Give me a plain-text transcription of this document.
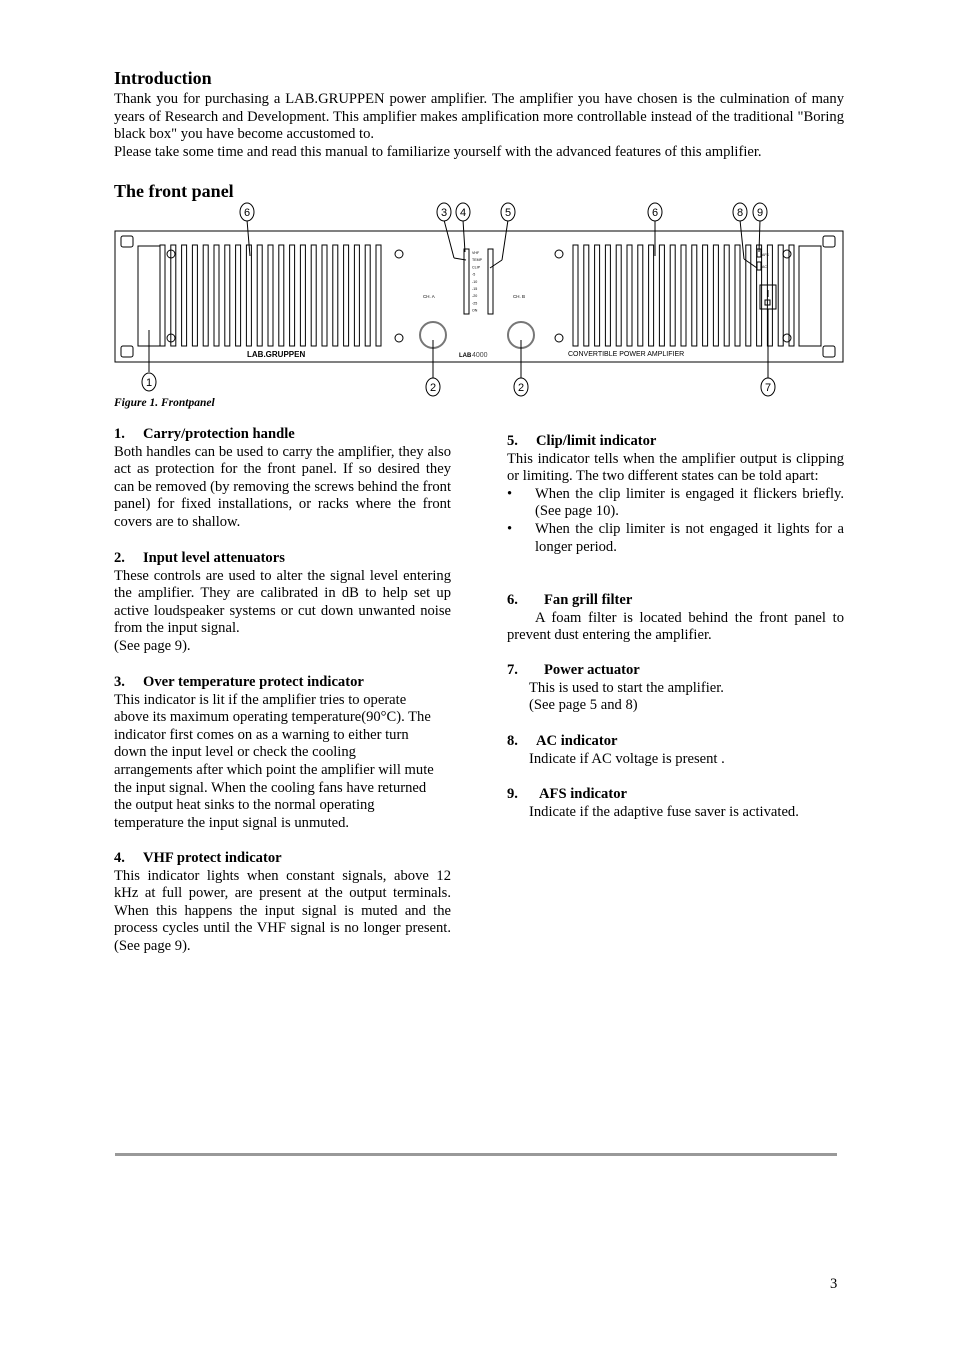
Introduction

Thank you for purchasing a LAB.GRUPPEN power amplifier. The amplifier you have chosen is the culmination of many years of Research and Development. This amplifier makes amplification more controllable instead of the traditional "Boring black box" you have become accustomed to.

Please take some time and read this manual to familiarize yourself with the advanced features of this amplifier.

The front panel
1	2	2
3 4	5
6	6
7
8 9
LAB.GRUPPEN	LAB 4000	CONVERTIBLE POWER AMPLIFIER
CH. A	CH. B
AFS
AC
VHF
TEMP
CLIP
-5
-10
-15
-20
-25
ON
Figure 1. Frontpanel
1. Carry/protection handle

Both handles can be used to carry the amplifier, they also act as protection for the front panel. If so desired they can be removed (by removing the screws behind the front panel) for fixed installations, or racks where the front covers are to shallow.

2. Input level attenuators

These controls are used to alter the signal level entering the amplifier. They are calibrated in dB to help set up active loudspeaker systems or cut down unwanted noise from the input signal.

(See page 9).

3. Over temperature protect indicator

This indicator is lit if the amplifier tries to operate above its maximum operating temperature(90°C). The indicator first comes on as a warning to either turn down the input level or check the cooling arrangements after which point the amplifier will mute the input signal. When the cooling fans have returned the output heat sinks to the normal operating temperature the input signal is unmuted.

4. VHF protect indicator

This indicator lights when constant signals, above 12 kHz at full power, are present at the output terminals. When this happens the input signal is muted and the process cycles until the VHF signal is no longer present. (See page 9).

5. Clip/limit indicator

This indicator tells when the amplifier output is clipping or limiting. The two different states can be told apart:

• When the clip limiter is engaged it flickers briefly. (See page 10).
• When the clip limiter is not engaged it lights for a longer period.
6. Fan grill filter

A foam filter is located behind the front panel to prevent dust entering the amplifier.

7. Power actuator

This is used to start the amplifier.

(See page 5 and 8)

8. AC indicator

Indicate if AC voltage is present .

9. AFS indicator

Indicate if the adaptive fuse saver is activated.

3
